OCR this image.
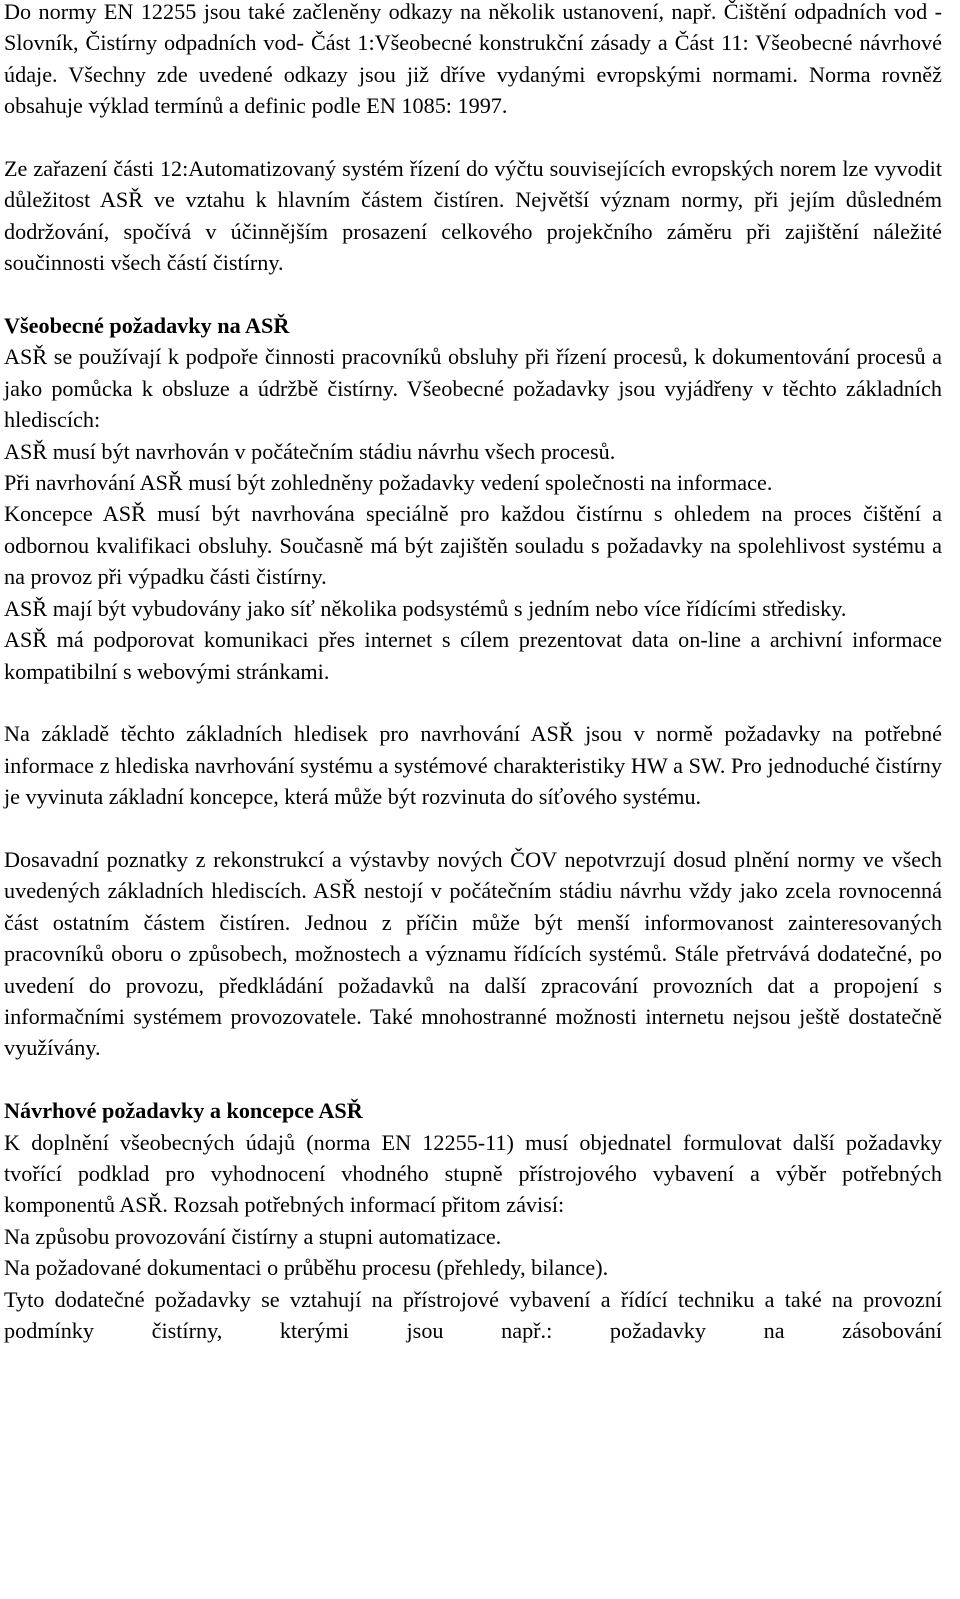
Do normy EN 12255 jsou také začleněny odkazy na několik ustanovení, např. Čištění odpadních vod - Slovník, Čistírny odpadních vod- Část 1:Všeobecné konstrukční zásady a Část 11: Všeobecné návrhové údaje. Všechny zde uvedené odkazy jsou již dříve vydanými evropskými normami. Norma rovněž obsahuje výklad termínů a definic podle EN 1085: 1997.

Ze zařazení části 12:Automatizovaný systém řízení do výčtu souvisejících evropských norem lze vyvodit důležitost ASŘ ve vztahu k hlavním částem čistíren. Největší význam normy, při jejím důsledném dodržování, spočívá v účinnějším prosazení celkového projekčního záměru při zajištění náležité součinnosti všech částí čistírny.

Všeobecné požadavky na ASŘ

ASŘ se používají k podpoře činnosti pracovníků obsluhy při řízení procesů, k dokumentování procesů a jako pomůcka k obsluze a údržbě čistírny. Všeobecné požadavky jsou vyjádřeny v těchto základních hlediscích:

ASŘ musí být navrhován v počátečním stádiu návrhu všech procesů.

Při navrhování ASŘ musí být zohledněny požadavky vedení společnosti na informace.

Koncepce ASŘ musí být navrhována speciálně pro každou čistírnu s ohledem na proces čištění a odbornou kvalifikaci obsluhy. Současně má být zajištěn souladu s požadavky na spolehlivost systému a na provoz při výpadku části čistírny.

ASŘ mají být vybudovány jako síť několika podsystémů s jedním nebo více řídícími středisky.

ASŘ má podporovat komunikaci přes internet s cílem prezentovat data on-line a archivní informace kompatibilní s webovými stránkami.

Na základě těchto základních hledisek pro navrhování ASŘ jsou v normě požadavky na potřebné informace z hlediska navrhování systému a systémové charakteristiky HW a SW. Pro jednoduché čistírny je vyvinuta základní koncepce, která může být rozvinuta do síťového systému.

Dosavadní poznatky z rekonstrukcí a výstavby nových ČOV nepotvrzují dosud plnění normy ve všech uvedených základních hlediscích. ASŘ nestojí v počátečním stádiu návrhu vždy jako zcela rovnocenná část ostatním částem čistíren. Jednou z příčin může být menší informovanost zainteresovaných pracovníků oboru o způsobech, možnostech a významu řídících systémů. Stále přetrvává dodatečné, po uvedení do provozu, předkládání požadavků na další zpracování provozních dat a propojení s informačními systémem provozovatele. Také mnohostranné možnosti internetu nejsou ještě dostatečně využívány.

Návrhové požadavky a koncepce ASŘ

K doplnění všeobecných údajů (norma EN 12255-11) musí objednatel formulovat další požadavky tvořící podklad pro vyhodnocení vhodného stupně přístrojového vybavení a výběr potřebných komponentů ASŘ. Rozsah potřebných informací přitom závisí:

Na způsobu provozování čistírny a stupni automatizace.

Na požadované dokumentaci o průběhu procesu (přehledy, bilance).

Tyto dodatečné požadavky se vztahují na přístrojové vybavení a řídící techniku a také na provozní podmínky čistírny, kterými jsou např.: požadavky na zásobování
